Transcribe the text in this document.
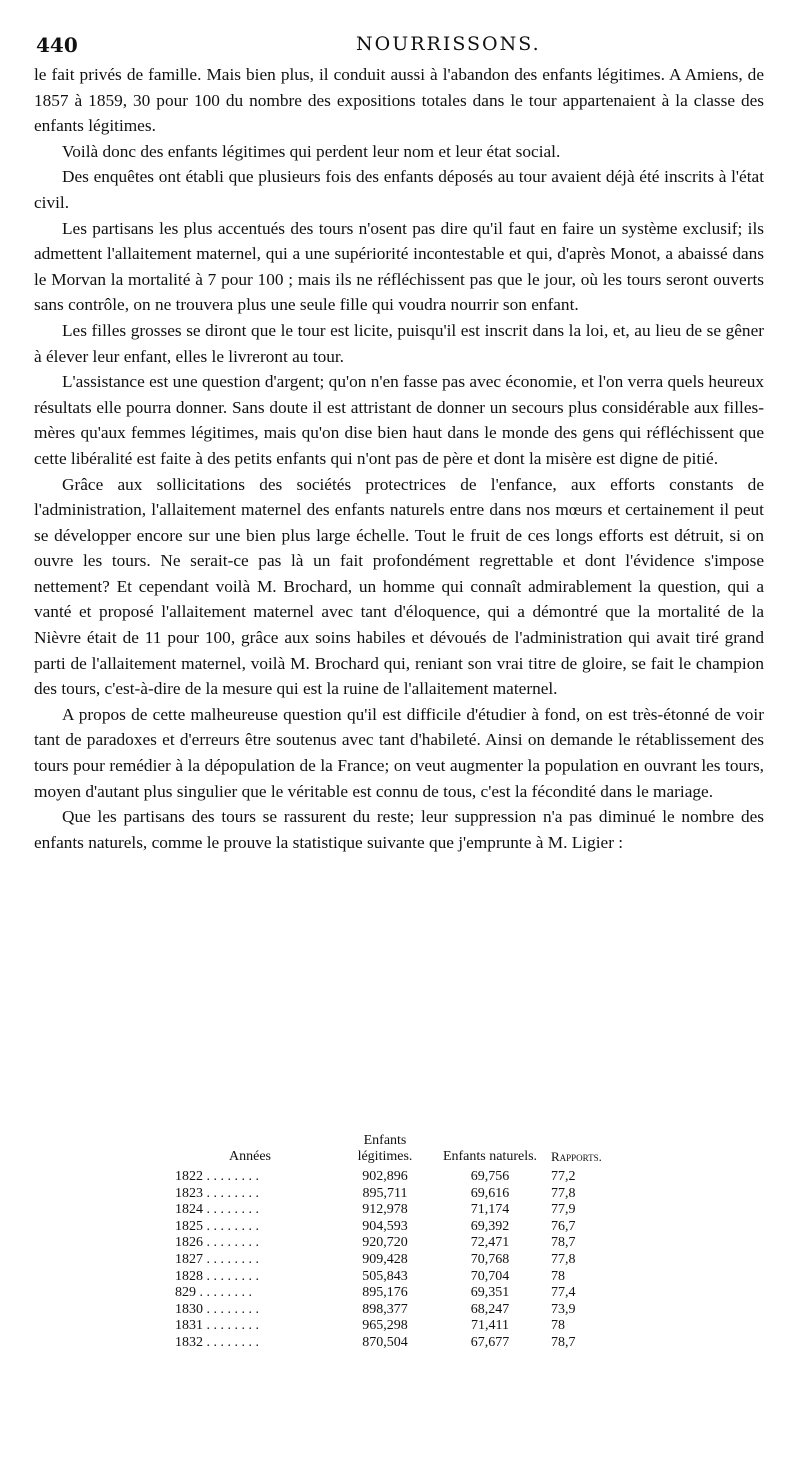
440	NOURRISSONS.

le fait privés de famille. Mais bien plus, il conduit aussi à l'abandon des enfants légitimes. A Amiens, de 1857 à 1859, 30 pour 100 du nombre des expositions totales dans le tour appartenaient à la classe des enfants légitimes.

Voilà donc des enfants légitimes qui perdent leur nom et leur état social.

Des enquêtes ont établi que plusieurs fois des enfants déposés au tour avaient déjà été inscrits à l'état civil.

Les partisans les plus accentués des tours n'osent pas dire qu'il faut en faire un système exclusif; ils admettent l'allaitement maternel, qui a une supériorité incontestable et qui, d'après Monot, a abaissé dans le Morvan la mortalité à 7 pour 100 ; mais ils ne réfléchissent pas que le jour, où les tours seront ouverts sans contrôle, on ne trouvera plus une seule fille qui voudra nourrir son enfant.

Les filles grosses se diront que le tour est licite, puisqu'il est inscrit dans la loi, et, au lieu de se gêner à élever leur enfant, elles le livreront au tour.

L'assistance est une question d'argent; qu'on n'en fasse pas avec économie, et l'on verra quels heureux résultats elle pourra donner. Sans doute il est attristant de donner un secours plus considérable aux filles-mères qu'aux femmes légitimes, mais qu'on dise bien haut dans le monde des gens qui réfléchissent que cette libéralité est faite à des petits enfants qui n'ont pas de père et dont la misère est digne de pitié.

Grâce aux sollicitations des sociétés protectrices de l'enfance, aux efforts constants de l'administration, l'allaitement maternel des enfants naturels entre dans nos mœurs et certainement il peut se développer encore sur une bien plus large échelle. Tout le fruit de ces longs efforts est détruit, si on ouvre les tours. Ne serait-ce pas là un fait profondément regrettable et dont l'évidence s'impose nettement? Et cependant voilà M. Brochard, un homme qui connaît admirablement la question, qui a vanté et proposé l'allaitement maternel avec tant d'éloquence, qui a démontré que la mortalité de la Nièvre était de 11 pour 100, grâce aux soins habiles et dévoués de l'administration qui avait tiré grand parti de l'allaitement maternel, voilà M. Brochard qui, reniant son vrai titre de gloire, se fait le champion des tours, c'est-à-dire de la mesure qui est la ruine de l'allaitement maternel.

A propos de cette malheureuse question qu'il est difficile d'étudier à fond, on est très-étonné de voir tant de paradoxes et d'erreurs être soutenus avec tant d'habileté. Ainsi on demande le rétablissement des tours pour remédier à la dépopulation de la France; on veut augmenter la population en ouvrant les tours, moyen d'autant plus singulier que le véritable est connu de tous, c'est la fécondité dans le mariage.

Que les partisans des tours se rassurent du reste; leur suppression n'a pas diminué le nombre des enfants naturels, comme le prouve la statistique suivante que j'emprunte à M. Ligier :

Années	Enfants légitimes.	Enfants naturels.	Rapports.
1822 . . . . . . . .	902,896	69,756	77,2
1823 . . . . . . . .	895,711	69,616	77,8
1824 . . . . . . . .	912,978	71,174	77,9
1825 . . . . . . . .	904,593	69,392	76,7
1826 . . . . . . . .	920,720	72,471	78,7
1827 . . . . . . . .	909,428	70,768	77,8
1828 . . . . . . . .	505,843	70,704	78
829 . . . . . . . .	895,176	69,351	77,4
1830 . . . . . . . .	898,377	68,247	73,9
1831 . . . . . . . .	965,298	71,411	78
1832 . . . . . . . .	870,504	67,677	78,7
